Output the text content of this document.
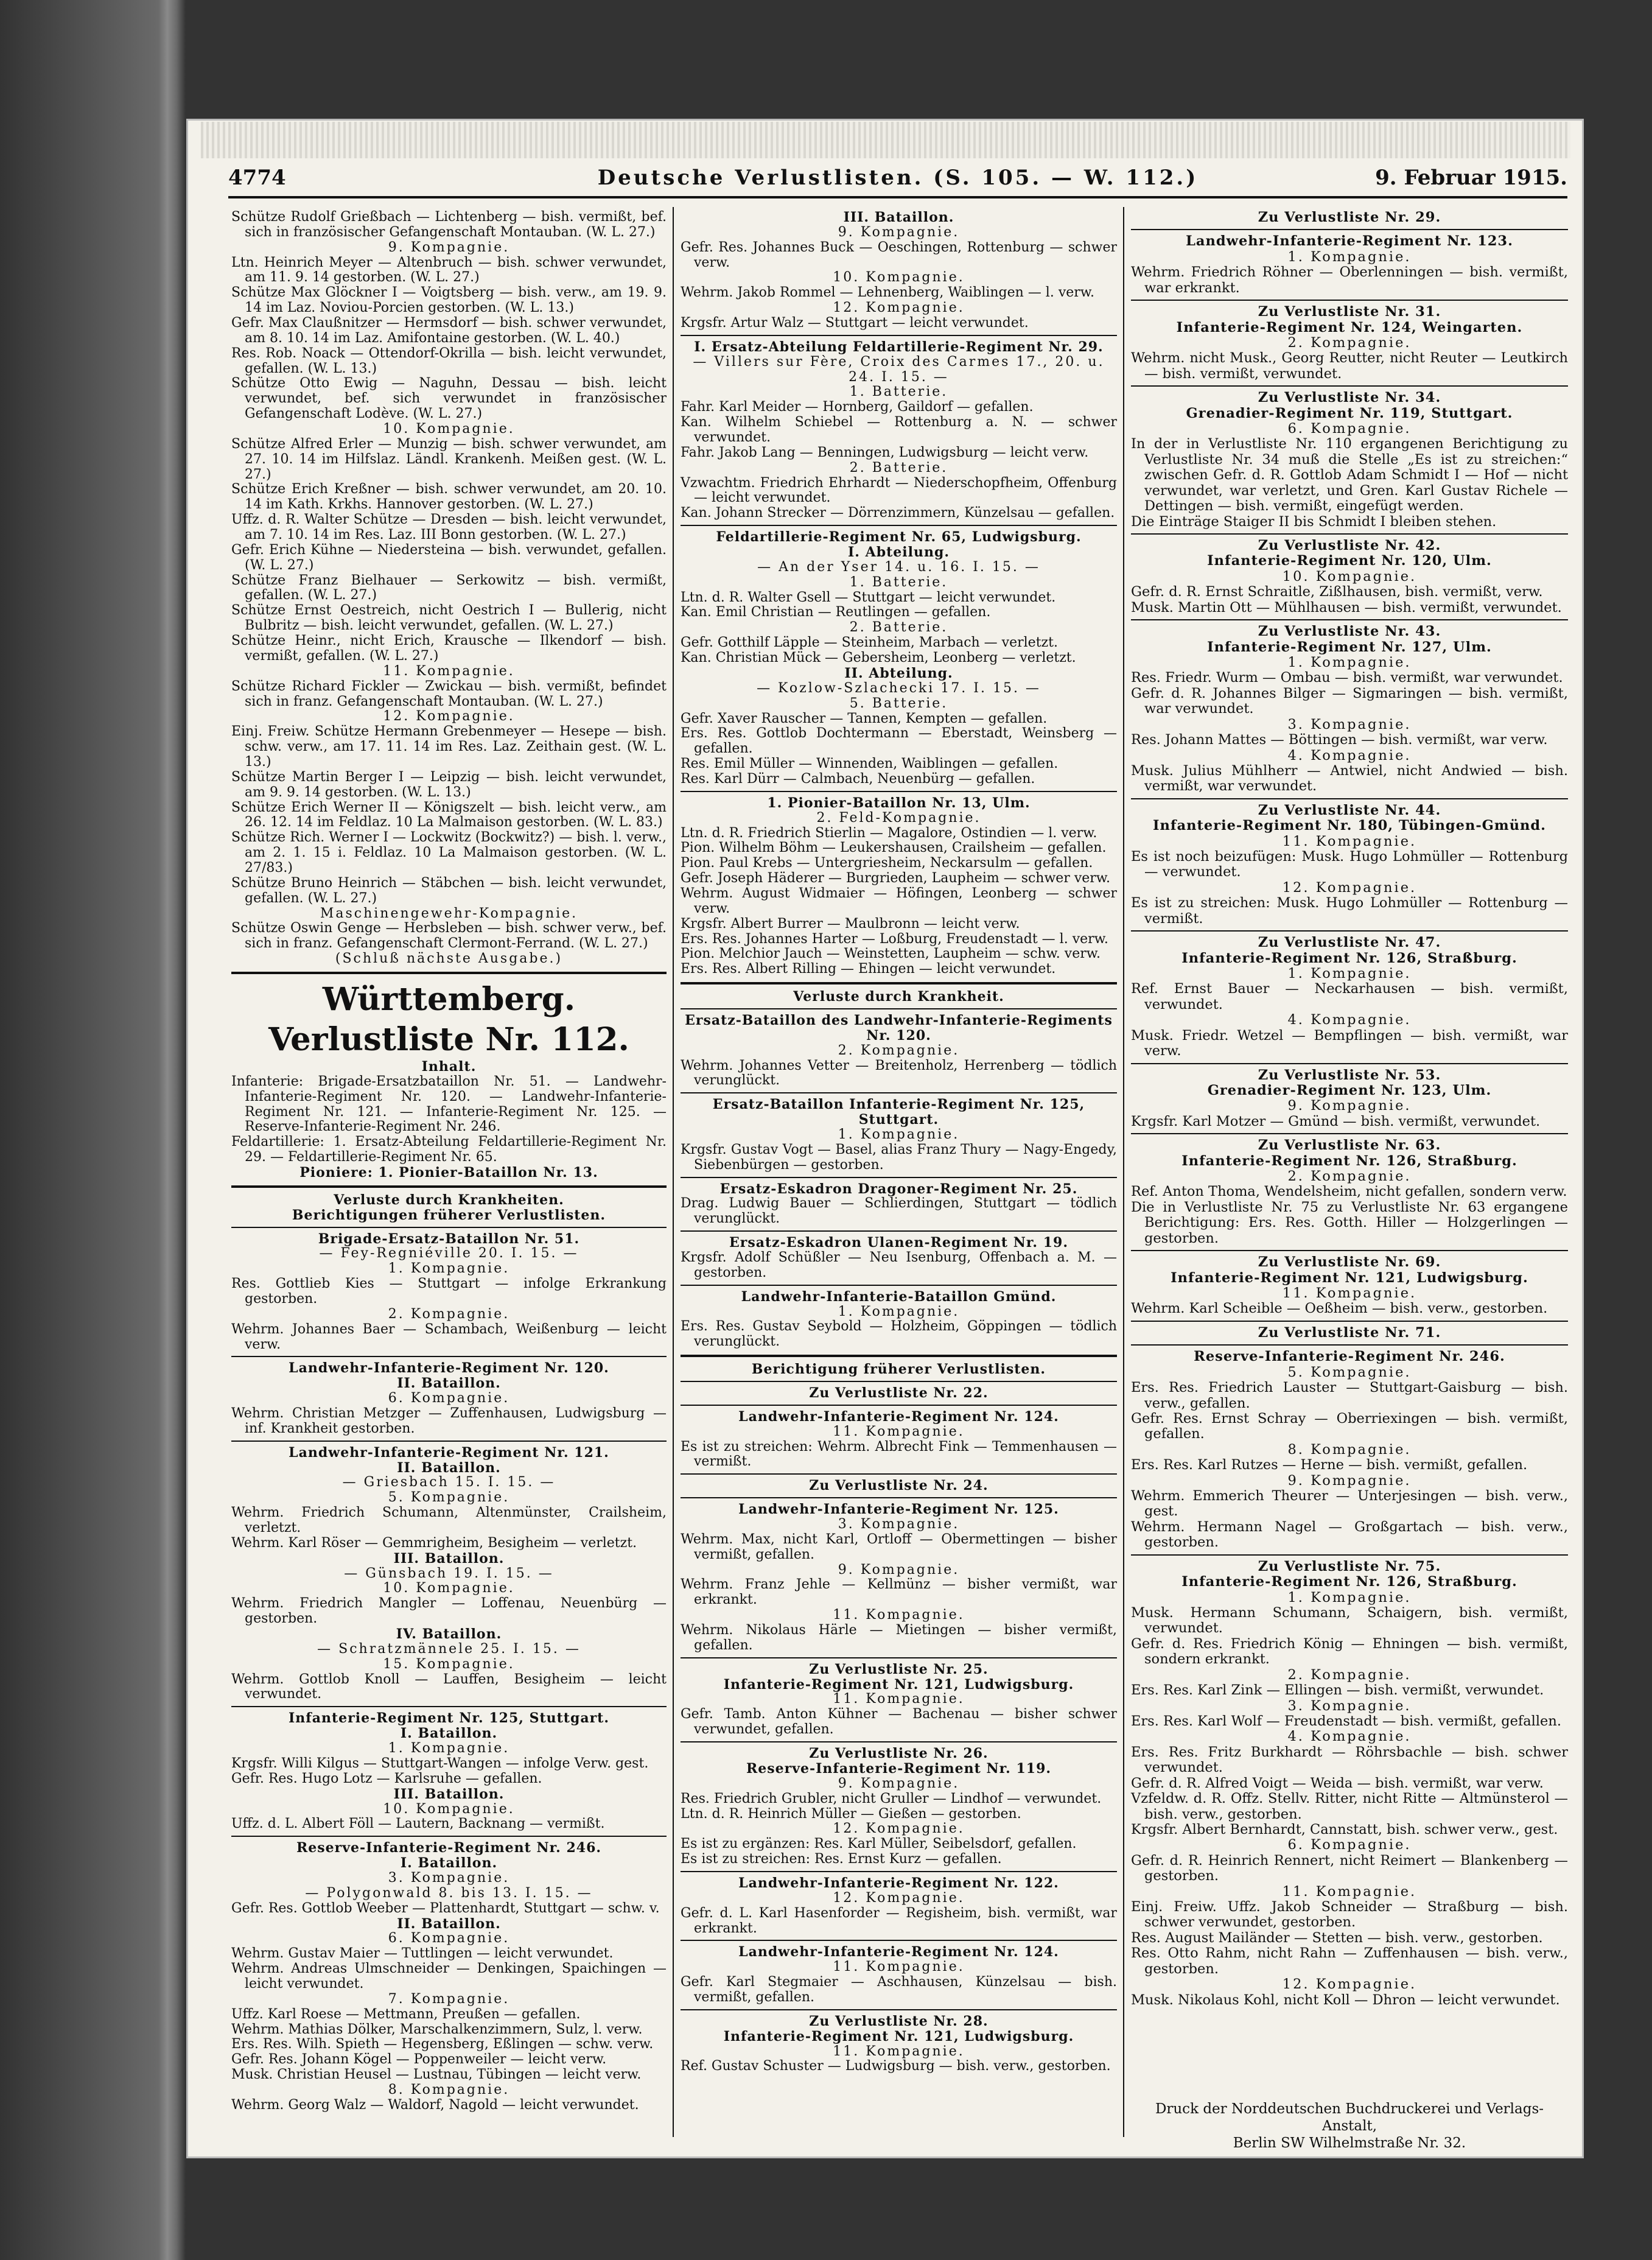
4774	Deutsche Verlustlisten. (S. 105. — W. 112.)	9. Februar 1915.

Schütze Rudolf Grießbach — Lichtenberg — bish. vermißt, bef. sich in französischer Gefangenschaft Montauban. (W. L. 27.)

9. Kompagnie.

Ltn. Heinrich Meyer — Altenbruch — bish. schwer verwundet, am 11. 9. 14 gestorben. (W. L. 27.)

Schütze Max Glöckner I — Voigtsberg — bish. verw., am 19. 9. 14 im Laz. Noviou-Porcien gestorben. (W. L. 13.)

Gefr. Max Claußnitzer — Hermsdorf — bish. schwer verwundet, am 8. 10. 14 im Laz. Amifontaine gestorben. (W. L. 40.)

Res. Rob. Noack — Ottendorf-Okrilla — bish. leicht verwundet, gefallen. (W. L. 13.)

Schütze Otto Ewig — Naguhn, Dessau — bish. leicht verwundet, bef. sich verwundet in französischer Gefangenschaft Lodève. (W. L. 27.)

10. Kompagnie.

Schütze Alfred Erler — Munzig — bish. schwer verwundet, am 27. 10. 14 im Hilfslaz. Ländl. Krankenh. Meißen gest. (W. L. 27.)

Schütze Erich Kreßner — bish. schwer verwundet, am 20. 10. 14 im Kath. Krkhs. Hannover gestorben. (W. L. 27.)

Uffz. d. R. Walter Schütze — Dresden — bish. leicht verwundet, am 7. 10. 14 im Res. Laz. III Bonn gestorben. (W. L. 27.)

Gefr. Erich Kühne — Niedersteina — bish. verwundet, gefallen. (W. L. 27.)

Schütze Franz Bielhauer — Serkowitz — bish. vermißt, gefallen. (W. L. 27.)

Schütze Ernst Oestreich, nicht Oestrich I — Bullerig, nicht Bulbritz — bish. leicht verwundet, gefallen. (W. L. 27.)

Schütze Heinr., nicht Erich, Krausche — Ilkendorf — bish. vermißt, gefallen. (W. L. 27.)

11. Kompagnie.

Schütze Richard Fickler — Zwickau — bish. vermißt, befindet sich in franz. Gefangenschaft Montauban. (W. L. 27.)

12. Kompagnie.

Einj. Freiw. Schütze Hermann Grebenmeyer — Hesepe — bish. schw. verw., am 17. 11. 14 im Res. Laz. Zeithain gest. (W. L. 13.)

Schütze Martin Berger I — Leipzig — bish. leicht verwundet, am 9. 9. 14 gestorben. (W. L. 13.)

Schütze Erich Werner II — Königszelt — bish. leicht verw., am 26. 12. 14 im Feldlaz. 10 La Malmaison gestorben. (W. L. 83.)

Schütze Rich. Werner I — Lockwitz (Bockwitz?) — bish. l. verw., am 2. 1. 15 i. Feldlaz. 10 La Malmaison gestorben. (W. L. 27/83.)

Schütze Bruno Heinrich — Stäbchen — bish. leicht verwundet, gefallen. (W. L. 27.)

Maschinengewehr-Kompagnie.

Schütze Oswin Genge — Herbsleben — bish. schwer verw., bef. sich in franz. Gefangenschaft Clermont-Ferrand. (W. L. 27.)

(Schluß nächste Ausgabe.)

Württemberg. Verlustliste Nr. 112.

Inhalt.

Infanterie: Brigade-Ersatzbataillon Nr. 51. — Landwehr-Infanterie-Regiment Nr. 120. — Landwehr-Infanterie-Regiment Nr. 121. — Infanterie-Regiment Nr. 125. — Reserve-Infanterie-Regiment Nr. 246.

Feldartillerie: 1. Ersatz-Abteilung Feldartillerie-Regiment Nr. 29. — Feldartillerie-Regiment Nr. 65.

Pioniere: 1. Pionier-Bataillon Nr. 13.

Verluste durch Krankheiten.

Berichtigungen früherer Verlustlisten.

Brigade-Ersatz-Bataillon Nr. 51.

— Fey-Regniéville 20. I. 15. —

1. Kompagnie.

Res. Gottlieb Kies — Stuttgart — infolge Erkrankung gestorben.

2. Kompagnie.

Wehrm. Johannes Baer — Schambach, Weißenburg — leicht verw.

Landwehr-Infanterie-Regiment Nr. 120.

II. Bataillon.

6. Kompagnie.

Wehrm. Christian Metzger — Zuffenhausen, Ludwigsburg — inf. Krankheit gestorben.

Landwehr-Infanterie-Regiment Nr. 121.

II. Bataillon.

— Griesbach 15. I. 15. —

5. Kompagnie.

Wehrm. Friedrich Schumann, Altenmünster, Crailsheim, verletzt.

Wehrm. Karl Röser — Gemmrigheim, Besigheim — verletzt.

III. Bataillon.

— Günsbach 19. I. 15. —

10. Kompagnie.

Wehrm. Friedrich Mangler — Loffenau, Neuenbürg — gestorben.

IV. Bataillon.

— Schratzmännele 25. I. 15. —

15. Kompagnie.

Wehrm. Gottlob Knoll — Lauffen, Besigheim — leicht verwundet.

Infanterie-Regiment Nr. 125, Stuttgart.

I. Bataillon.

1. Kompagnie.

Krgsfr. Willi Kilgus — Stuttgart-Wangen — infolge Verw. gest.

Gefr. Res. Hugo Lotz — Karlsruhe — gefallen.

III. Bataillon.

10. Kompagnie.

Uffz. d. L. Albert Föll — Lautern, Backnang — vermißt.

Reserve-Infanterie-Regiment Nr. 246.

I. Bataillon.

3. Kompagnie.

— Polygonwald 8. bis 13. I. 15. —

Gefr. Res. Gottlob Weeber — Plattenhardt, Stuttgart — schw. v.

II. Bataillon.

6. Kompagnie.

Wehrm. Gustav Maier — Tuttlingen — leicht verwundet.

Wehrm. Andreas Ulmschneider — Denkingen, Spaichingen — leicht verwundet.

7. Kompagnie.

Uffz. Karl Roese — Mettmann, Preußen — gefallen.

Wehrm. Mathias Dölker, Marschalkenzimmern, Sulz, l. verw.

Ers. Res. Wilh. Spieth — Hegensberg, Eßlingen — schw. verw.

Gefr. Res. Johann Kögel — Poppenweiler — leicht verw.

Musk. Christian Heusel — Lustnau, Tübingen — leicht verw.

8. Kompagnie.

Wehrm. Georg Walz — Waldorf, Nagold — leicht verwundet.

III. Bataillon.

9. Kompagnie.

Gefr. Res. Johannes Buck — Oeschingen, Rottenburg — schwer verw.

10. Kompagnie.

Wehrm. Jakob Rommel — Lehnenberg, Waiblingen — l. verw.

12. Kompagnie.

Krgsfr. Artur Walz — Stuttgart — leicht verwundet.

I. Ersatz-Abteilung Feldartillerie-Regiment Nr. 29.

— Villers sur Fère, Croix des Carmes 17., 20. u. 24. I. 15. —

1. Batterie.

Fahr. Karl Meider — Hornberg, Gaildorf — gefallen.

Kan. Wilhelm Schiebel — Rottenburg a. N. — schwer verwundet.

Fahr. Jakob Lang — Benningen, Ludwigsburg — leicht verw.

2. Batterie.

Vzwachtm. Friedrich Ehrhardt — Niederschopfheim, Offenburg — leicht verwundet.

Kan. Johann Strecker — Dörrenzimmern, Künzelsau — gefallen.

Feldartillerie-Regiment Nr. 65, Ludwigsburg.

I. Abteilung.

— An der Yser 14. u. 16. I. 15. —

1. Batterie.

Ltn. d. R. Walter Gsell — Stuttgart — leicht verwundet.

Kan. Emil Christian — Reutlingen — gefallen.

2. Batterie.

Gefr. Gotthilf Läpple — Steinheim, Marbach — verletzt.

Kan. Christian Mück — Gebersheim, Leonberg — verletzt.

II. Abteilung.

— Kozlow-Szlachecki 17. I. 15. —

5. Batterie.

Gefr. Xaver Rauscher — Tannen, Kempten — gefallen.

Ers. Res. Gottlob Dochtermann — Eberstadt, Weinsberg — gefallen.

Res. Emil Müller — Winnenden, Waiblingen — gefallen.

Res. Karl Dürr — Calmbach, Neuenbürg — gefallen.

1. Pionier-Bataillon Nr. 13, Ulm.

2. Feld-Kompagnie.

Ltn. d. R. Friedrich Stierlin — Magalore, Ostindien — l. verw.

Pion. Wilhelm Böhm — Leukershausen, Crailsheim — gefallen.

Pion. Paul Krebs — Untergriesheim, Neckarsulm — gefallen.

Gefr. Joseph Häderer — Burgrieden, Laupheim — schwer verw.

Wehrm. August Widmaier — Höfingen, Leonberg — schwer verw.

Krgsfr. Albert Burrer — Maulbronn — leicht verw.

Ers. Res. Johannes Harter — Loßburg, Freudenstadt — l. verw.

Pion. Melchior Jauch — Weinstetten, Laupheim — schw. verw.

Ers. Res. Albert Rilling — Ehingen — leicht verwundet.

Verluste durch Krankheit.

Ersatz-Bataillon des Landwehr-Infanterie-Regiments Nr. 120.

2. Kompagnie.

Wehrm. Johannes Vetter — Breitenholz, Herrenberg — tödlich verunglückt.

Ersatz-Bataillon Infanterie-Regiment Nr. 125, Stuttgart.

1. Kompagnie.

Krgsfr. Gustav Vogt — Basel, alias Franz Thury — Nagy-Engedy, Siebenbürgen — gestorben.

Ersatz-Eskadron Dragoner-Regiment Nr. 25.

Drag. Ludwig Bauer — Schlierdingen, Stuttgart — tödlich verunglückt.

Ersatz-Eskadron Ulanen-Regiment Nr. 19.

Krgsfr. Adolf Schüßler — Neu Isenburg, Offenbach a. M. — gestorben.

Landwehr-Infanterie-Bataillon Gmünd.

1. Kompagnie.

Ers. Res. Gustav Seybold — Holzheim, Göppingen — tödlich verunglückt.

Berichtigung früherer Verlustlisten.

Zu Verlustliste Nr. 22.

Landwehr-Infanterie-Regiment Nr. 124.

11. Kompagnie.

Es ist zu streichen: Wehrm. Albrecht Fink — Temmenhausen — vermißt.

Zu Verlustliste Nr. 24.

Landwehr-Infanterie-Regiment Nr. 125.

3. Kompagnie.

Wehrm. Max, nicht Karl, Ortloff — Obermettingen — bisher vermißt, gefallen.

9. Kompagnie.

Wehrm. Franz Jehle — Kellmünz — bisher vermißt, war erkrankt.

11. Kompagnie.

Wehrm. Nikolaus Härle — Mietingen — bisher vermißt, gefallen.

Zu Verlustliste Nr. 25.

Infanterie-Regiment Nr. 121, Ludwigsburg.

11. Kompagnie.

Gefr. Tamb. Anton Kühner — Bachenau — bisher schwer verwundet, gefallen.

Zu Verlustliste Nr. 26.

Reserve-Infanterie-Regiment Nr. 119.

9. Kompagnie.

Res. Friedrich Grubler, nicht Gruller — Lindhof — verwundet.

Ltn. d. R. Heinrich Müller — Gießen — gestorben.

12. Kompagnie.

Es ist zu ergänzen: Res. Karl Müller, Seibelsdorf, gefallen.

Es ist zu streichen: Res. Ernst Kurz — gefallen.

Landwehr-Infanterie-Regiment Nr. 122.

12. Kompagnie.

Gefr. d. L. Karl Hasenforder — Regisheim, bish. vermißt, war erkrankt.

Landwehr-Infanterie-Regiment Nr. 124.

11. Kompagnie.

Gefr. Karl Stegmaier — Aschhausen, Künzelsau — bish. vermißt, gefallen.

Zu Verlustliste Nr. 28.

Infanterie-Regiment Nr. 121, Ludwigsburg.

11. Kompagnie.

Ref. Gustav Schuster — Ludwigsburg — bish. verw., gestorben.

Zu Verlustliste Nr. 29.

Landwehr-Infanterie-Regiment Nr. 123.

1. Kompagnie.

Wehrm. Friedrich Röhner — Oberlenningen — bish. vermißt, war erkrankt.

Zu Verlustliste Nr. 31.

Infanterie-Regiment Nr. 124, Weingarten.

2. Kompagnie.

Wehrm. nicht Musk., Georg Reutter, nicht Reuter — Leutkirch — bish. vermißt, verwundet.

Zu Verlustliste Nr. 34.

Grenadier-Regiment Nr. 119, Stuttgart.

6. Kompagnie.

In der in Verlustliste Nr. 110 ergangenen Berichtigung zu Verlustliste Nr. 34 muß die Stelle „Es ist zu streichen:“ zwischen Gefr. d. R. Gottlob Adam Schmidt I — Hof — nicht verwundet, war verletzt, und Gren. Karl Gustav Richele — Dettingen — bish. vermißt, eingefügt werden.

Die Einträge Staiger II bis Schmidt I bleiben stehen.

Zu Verlustliste Nr. 42.

Infanterie-Regiment Nr. 120, Ulm.

10. Kompagnie.

Gefr. d. R. Ernst Schraitle, Zißlhausen, bish. vermißt, verw.

Musk. Martin Ott — Mühlhausen — bish. vermißt, verwundet.

Zu Verlustliste Nr. 43.

Infanterie-Regiment Nr. 127, Ulm.

1. Kompagnie.

Res. Friedr. Wurm — Ombau — bish. vermißt, war verwundet.

Gefr. d. R. Johannes Bilger — Sigmaringen — bish. vermißt, war verwundet.

3. Kompagnie.

Res. Johann Mattes — Böttingen — bish. vermißt, war verw.

4. Kompagnie.

Musk. Julius Mühlherr — Antwiel, nicht Andwied — bish. vermißt, war verwundet.

Zu Verlustliste Nr. 44.

Infanterie-Regiment Nr. 180, Tübingen-Gmünd.

11. Kompagnie.

Es ist noch beizufügen: Musk. Hugo Lohmüller — Rottenburg — verwundet.

12. Kompagnie.

Es ist zu streichen: Musk. Hugo Lohmüller — Rottenburg — vermißt.

Zu Verlustliste Nr. 47.

Infanterie-Regiment Nr. 126, Straßburg.

1. Kompagnie.

Ref. Ernst Bauer — Neckarhausen — bish. vermißt, verwundet.

4. Kompagnie.

Musk. Friedr. Wetzel — Bempflingen — bish. vermißt, war verw.

Zu Verlustliste Nr. 53.

Grenadier-Regiment Nr. 123, Ulm.

9. Kompagnie.

Krgsfr. Karl Motzer — Gmünd — bish. vermißt, verwundet.

Zu Verlustliste Nr. 63.

Infanterie-Regiment Nr. 126, Straßburg.

2. Kompagnie.

Ref. Anton Thoma, Wendelsheim, nicht gefallen, sondern verw.

Die in Verlustliste Nr. 75 zu Verlustliste Nr. 63 ergangene Berichtigung: Ers. Res. Gotth. Hiller — Holzgerlingen — gestorben.

Zu Verlustliste Nr. 69.

Infanterie-Regiment Nr. 121, Ludwigsburg.

11. Kompagnie.

Wehrm. Karl Scheible — Oeßheim — bish. verw., gestorben.

Zu Verlustliste Nr. 71.

Reserve-Infanterie-Regiment Nr. 246.

5. Kompagnie.

Ers. Res. Friedrich Lauster — Stuttgart-Gaisburg — bish. verw., gefallen.

Gefr. Res. Ernst Schray — Oberriexingen — bish. vermißt, gefallen.

8. Kompagnie.

Ers. Res. Karl Rutzes — Herne — bish. vermißt, gefallen.

9. Kompagnie.

Wehrm. Emmerich Theurer — Unterjesingen — bish. verw., gest.

Wehrm. Hermann Nagel — Großgartach — bish. verw., gestorben.

Zu Verlustliste Nr. 75.

Infanterie-Regiment Nr. 126, Straßburg.

1. Kompagnie.

Musk. Hermann Schumann, Schaigern, bish. vermißt, verwundet.

Gefr. d. Res. Friedrich König — Ehningen — bish. vermißt, sondern erkrankt.

2. Kompagnie.

Ers. Res. Karl Zink — Ellingen — bish. vermißt, verwundet.

3. Kompagnie.

Ers. Res. Karl Wolf — Freudenstadt — bish. vermißt, gefallen.

4. Kompagnie.

Ers. Res. Fritz Burkhardt — Röhrsbachle — bish. schwer verwundet.

Gefr. d. R. Alfred Voigt — Weida — bish. vermißt, war verw.

Vzfeldw. d. R. Offz. Stellv. Ritter, nicht Ritte — Altmünsterol — bish. verw., gestorben.

Krgsfr. Albert Bernhardt, Cannstatt, bish. schwer verw., gest.

6. Kompagnie.

Gefr. d. R. Heinrich Rennert, nicht Reimert — Blankenberg — gestorben.

11. Kompagnie.

Einj. Freiw. Uffz. Jakob Schneider — Straßburg — bish. schwer verwundet, gestorben.

Res. August Mailänder — Stetten — bish. verw., gestorben.

Res. Otto Rahm, nicht Rahn — Zuffenhausen — bish. verw., gestorben.

12. Kompagnie.

Musk. Nikolaus Kohl, nicht Koll — Dhron — leicht verwundet.

Druck der Norddeutschen Buchdruckerei und Verlags-Anstalt,

Berlin SW Wilhelmstraße Nr. 32.
